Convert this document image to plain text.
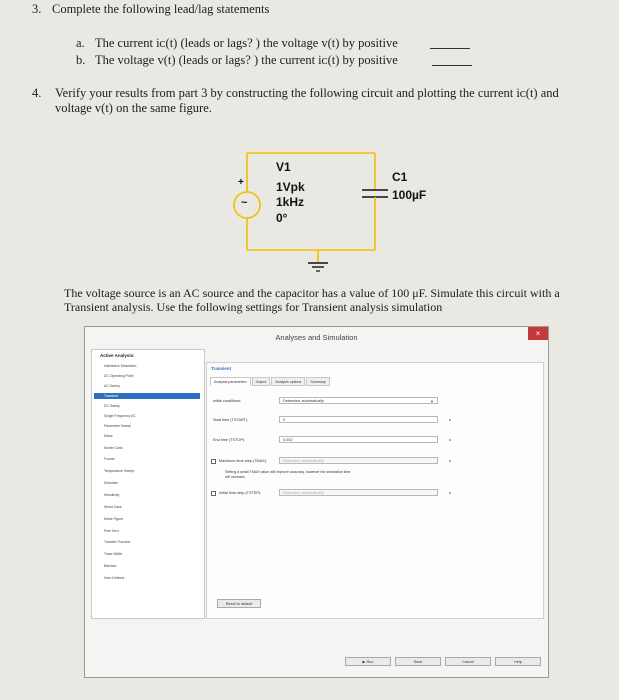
3. Complete the following lead/lag statements
a. The current iᴄ(t) (leads or lags? ) the voltage v(t) by positive
b. The voltage v(t) (leads or lags? ) the current iᴄ(t) by positive
4. Verify your results from part 3 by constructing the following circuit and plotting the current iᴄ(t) and
voltage v(t) on the same figure.
+
~
V1
1Vpk
1kHz
0°
C1
100µF
The voltage source is an AC source and the capacitor has a value of 100 μF. Simulate this circuit with a
Transient analysis. Use the following settings for Transient analysis simulation
Analyses and Simulation	×
Active Analysis:
Interactive Simulation
DC Operating Point
AC Sweep
Transient
DC Sweep
Single Frequency AC
Parameter Sweep
Noise
Monte Carlo
Fourier
Temperature Sweep
Distortion
Sensitivity
Worst Case
Noise Figure
Pole Zero
Transfer Function
Trace Width
Batched
User-Defined
Transient
Analysis parameters	Output	Analysis options	Summary
Initial conditions:	Determine automatically	▼
Start time (TSTART):	0	s
End time (TSTOP):	0.002	s
Maximum time step (TMAX):	Determine automatically	s
Setting a small TMAX value will improve accuracy, however the simulation time
will increase.
Initial time step (TSTEP):	Determine automatically	s
Reset to default
▶ Run	Save	Cancel	Help
